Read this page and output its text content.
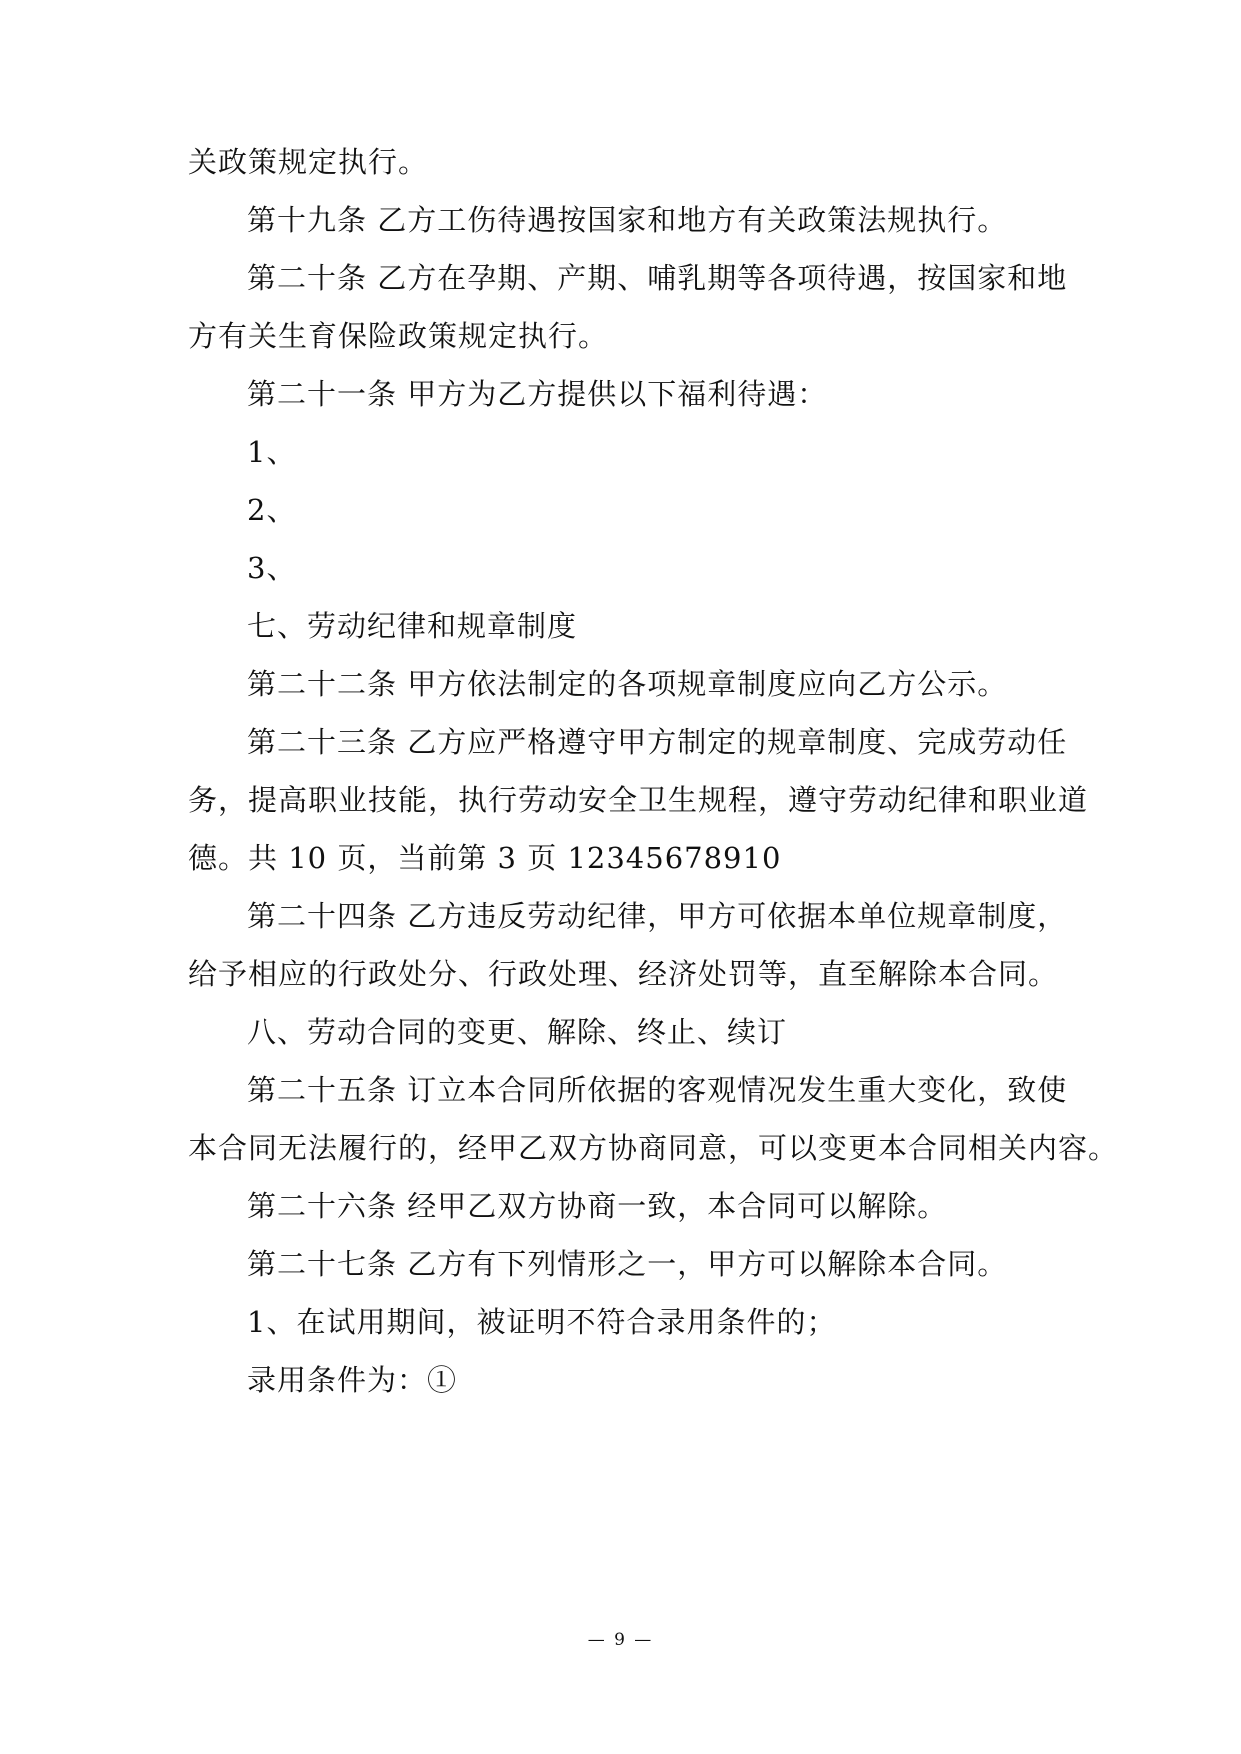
关政策规定执行。
第十九条 乙方工伤待遇按国家和地方有关政策法规执行。
第二十条 乙方在孕期、产期、哺乳期等各项待遇，按国家和地
方有关生育保险政策规定执行。
第二十一条 甲方为乙方提供以下福利待遇：
1、
2、
3、
七、劳动纪律和规章制度
第二十二条 甲方依法制定的各项规章制度应向乙方公示。
第二十三条 乙方应严格遵守甲方制定的规章制度、完成劳动任
务，提高职业技能，执行劳动安全卫生规程，遵守劳动纪律和职业道
德。共 10 页，当前第 3 页 12345678910
第二十四条 乙方违反劳动纪律，甲方可依据本单位规章制度，
给予相应的行政处分、行政处理、经济处罚等，直至解除本合同。
八、劳动合同的变更、解除、终止、续订
第二十五条 订立本合同所依据的客观情况发生重大变化，致使
本合同无法履行的，经甲乙双方协商同意，可以变更本合同相关内容。
第二十六条 经甲乙双方协商一致，本合同可以解除。
第二十七条 乙方有下列情形之一，甲方可以解除本合同。
1、在试用期间，被证明不符合录用条件的；
录用条件为：①
— 9 —
